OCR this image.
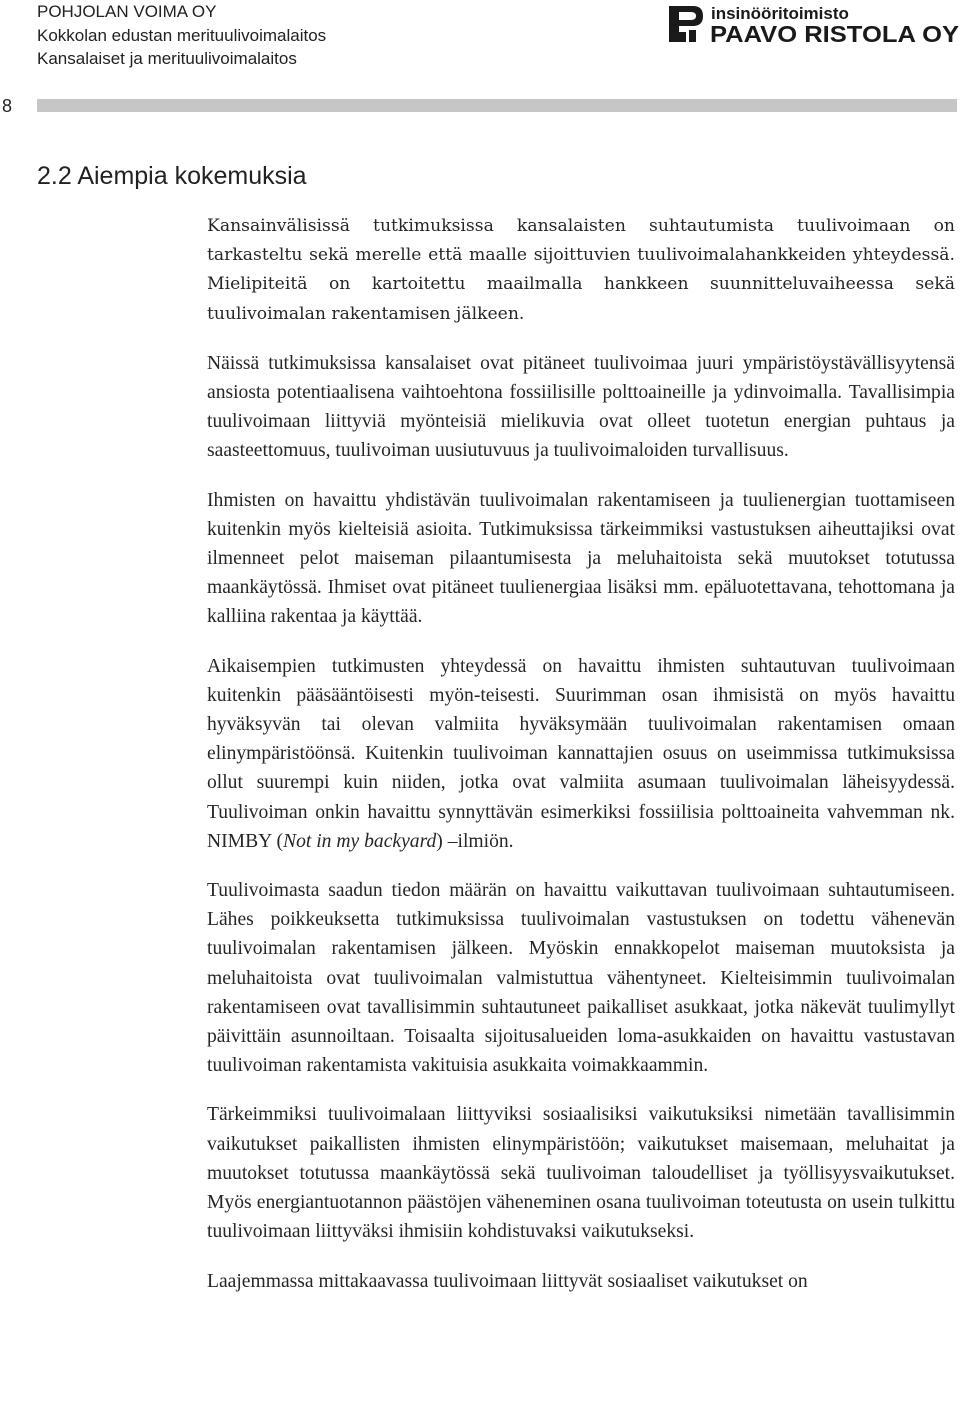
POHJOLAN VOIMA OY
Kokkolan edustan merituulivoimalaitos
Kansalaiset ja merituulivoimalaitos
insinööritoimisto
PAAVO RISTOLA OY
8
2.2 Aiempia kokemuksia

Kansainvälisissä tutkimuksissa kansalaisten suhtautumista tuulivoimaan on tarkasteltu sekä merelle että maalle sijoittuvien tuulivoimalahankkeiden yhteydessä. Mielipiteitä on kartoitettu maailmalla hankkeen suunnitteluvaiheessa sekä tuulivoimalan rakentamisen jälkeen.

Näissä tutkimuksissa kansalaiset ovat pitäneet tuulivoimaa juuri ympäristöystävällisyytensä ansiosta potentiaalisena vaihtoehtona fossiilisille polttoaineille ja ydinvoimalla. Tavallisimpia tuulivoimaan liittyviä myönteisiä mielikuvia ovat olleet tuotetun energian puhtaus ja saasteettomuus, tuulivoiman uusiutuvuus ja tuulivoimaloiden turvallisuus.

Ihmisten on havaittu yhdistävän tuulivoimalan rakentamiseen ja tuulienergian tuottamiseen kuitenkin myös kielteisiä asioita. Tutkimuksissa tärkeimmiksi vastustuksen aiheuttajiksi ovat ilmenneet pelot maiseman pilaantumisesta ja meluhaitoista sekä muutokset totutussa maankäytössä. Ihmiset ovat pitäneet tuulienergiaa lisäksi mm. epäluotettavana, tehottomana ja kalliina rakentaa ja käyttää.

Aikaisempien tutkimusten yhteydessä on havaittu ihmisten suhtautuvan tuulivoimaan kuitenkin pääsääntöisesti myön-teisesti. Suurimman osan ihmisistä on myös havaittu hyväksyvän tai olevan valmiita hyväksymään tuulivoimalan rakentamisen omaan elinympäristöönsä. Kuitenkin tuulivoiman kannattajien osuus on useimmissa tutkimuksissa ollut suurempi kuin niiden, jotka ovat valmiita asumaan tuulivoimalan läheisyydessä. Tuulivoiman onkin havaittu synnyttävän esimerkiksi fossiilisia polttoaineita vahvemman nk. NIMBY (Not in my backyard) –ilmiön.

Tuulivoimasta saadun tiedon määrän on havaittu vaikuttavan tuulivoimaan suhtautumiseen. Lähes poikkeuksetta tutkimuksissa tuulivoimalan vastustuksen on todettu vähenevän tuulivoimalan rakentamisen jälkeen. Myöskin ennakkopelot maiseman muutoksista ja meluhaitoista ovat tuulivoimalan valmistuttua vähentyneet. Kielteisimmin tuulivoimalan rakentamiseen ovat tavallisimmin suhtautuneet paikalliset asukkaat, jotka näkevät tuulimyllyt päivittäin asunnoiltaan. Toisaalta sijoitusalueiden loma-asukkaiden on havaittu vastustavan tuulivoiman rakentamista vakituisia asukkaita voimakkaammin.

Tärkeimmiksi tuulivoimalaan liittyviksi sosiaalisiksi vaikutuksiksi nimetään tavallisimmin vaikutukset paikallisten ihmisten elinympäristöön; vaikutukset maisemaan, meluhaitat ja muutokset totutussa maankäytössä sekä tuulivoiman taloudelliset ja työllisyysvaikutukset. Myös energiantuotannon päästöjen väheneminen osana tuulivoiman toteutusta on usein tulkittu tuulivoimaan liittyväksi ihmisiin kohdistuvaksi vaikutukseksi.

Laajemmassa mittakaavassa tuulivoimaan liittyvät sosiaaliset vaikutukset on
